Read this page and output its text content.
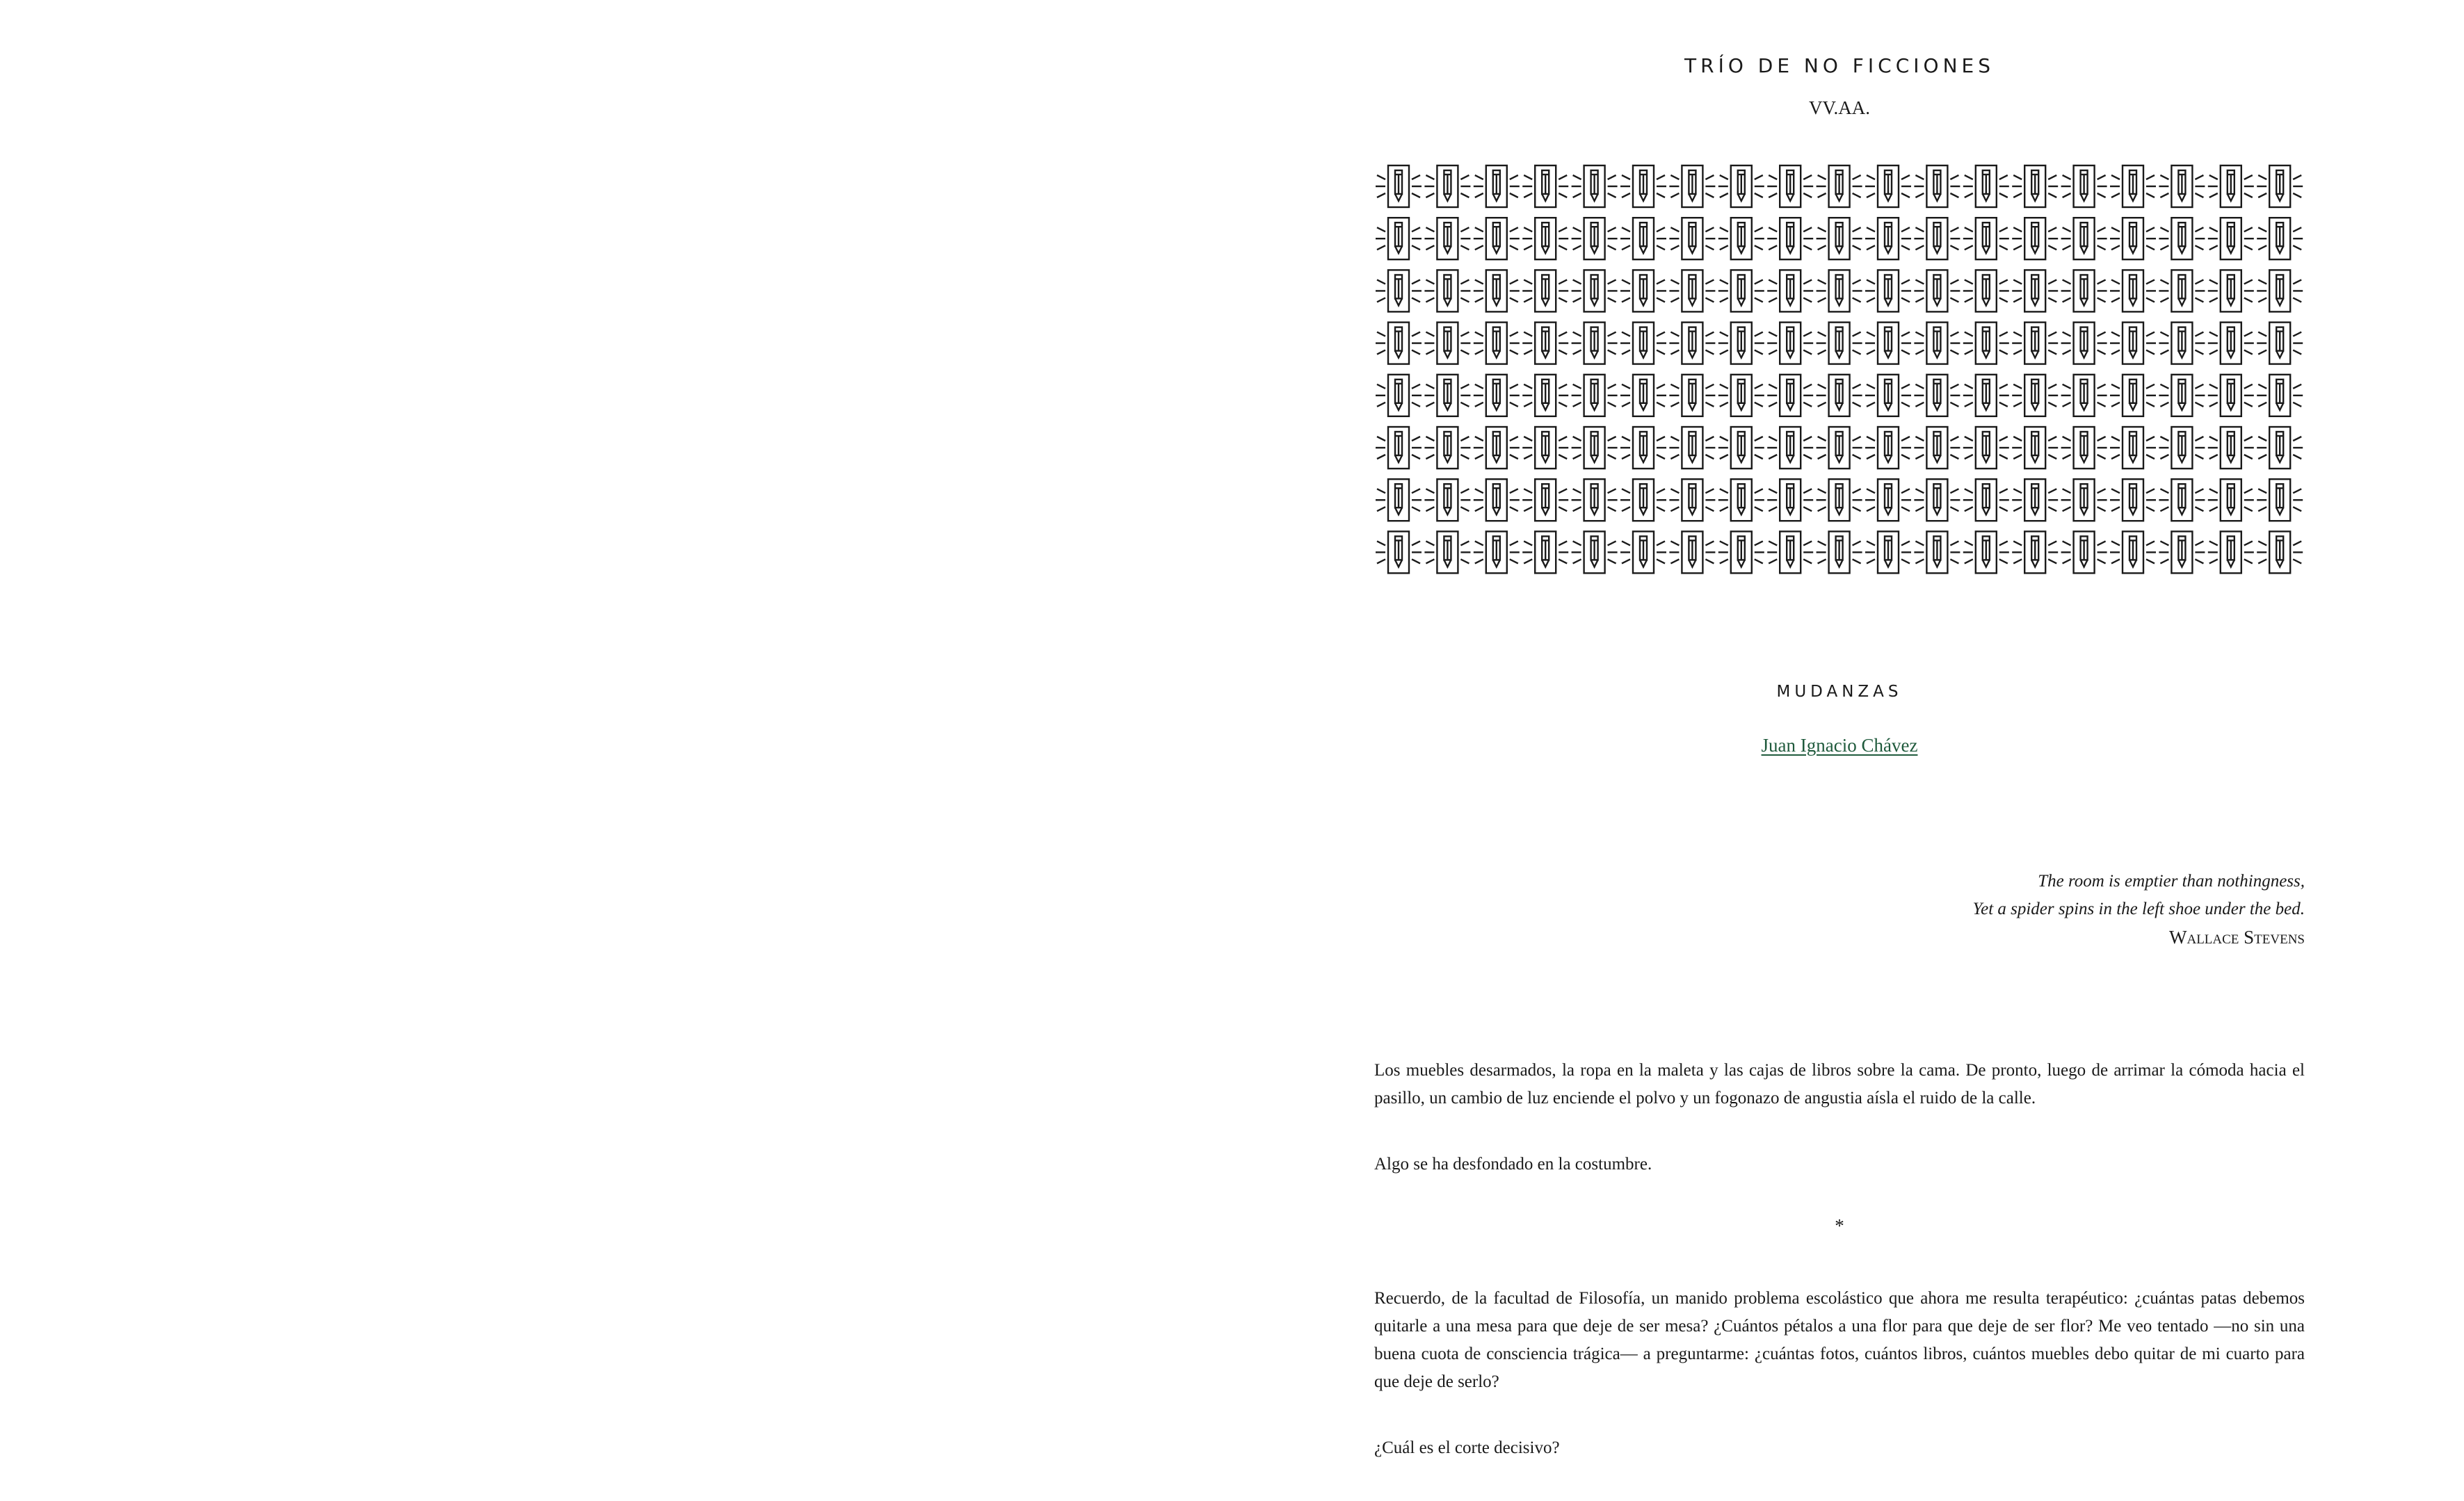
TRÍO DE NO FICCIONES
VV.AA.
MUDANZAS
Juan Ignacio Chávez
The room is emptier than nothingness,
Yet a spider spins in the left shoe under the bed.
Wallace Stevens

Los muebles desarmados, la ropa en la maleta y las cajas de libros sobre la cama. De pronto, luego de arrimar la cómoda hacia el pasillo, un cambio de luz enciende el polvo y un fogonazo de angustia aísla el ruido de la calle.

Algo se ha desfondado en la costumbre.

*

Recuerdo, de la facultad de Filosofía, un manido problema escolástico que ahora me resulta terapéutico: ¿cuántas patas debemos quitarle a una mesa para que deje de ser mesa? ¿Cuántos pétalos a una flor para que deje de ser flor? Me veo tentado —no sin una buena cuota de consciencia trágica— a preguntarme: ¿cuántas fotos, cuántos libros, cuántos muebles debo quitar de mi cuarto para que deje de serlo?

¿Cuál es el corte decisivo?
